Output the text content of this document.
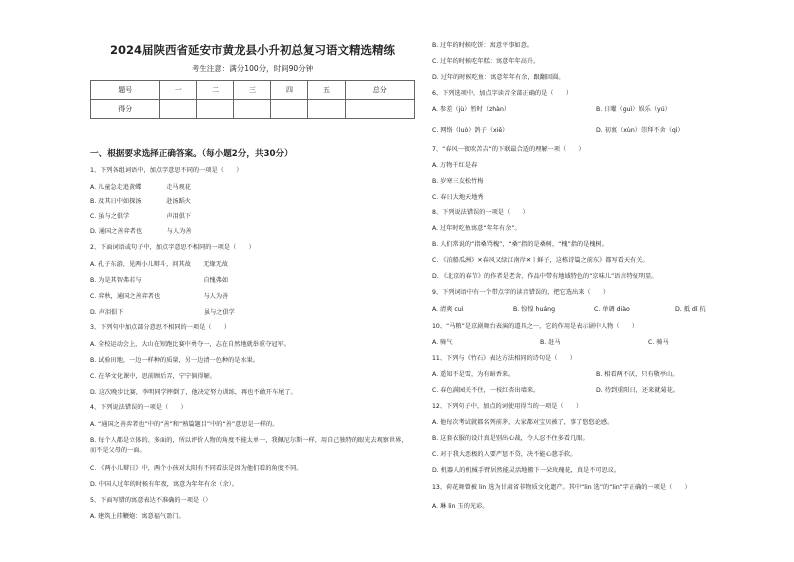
2024届陕西省延安市黄龙县小升初总复习语文精选精练
考生注意：满分100分，时间90分钟
题号	一	二	三	四	五	总分
得分						
一、根据要求选择正确答案。（每小题2分，共30分）
1、下列各组词语中，加点字意思不同的一项是（　　）
A. 儿童急走追黄蝶　　　　走马观花
B. 及其日中如探汤　　　　赴汤蹈火
C. 虽与之俱学　　　　　　声泪俱下
D. 通国之善弈者也　　　　与人为善
2、下面词语或句子中，加点字意思不相同的一项是（　　）
A. 孔子东游，见两小儿辩斗，问其故　　无缘无故
B. 为是其智弗若与　　　　　　　　　　自愧弗如
C. 弈秋，通国之善弈者也　　　　　　　与人为善
D. 声泪俱下　　　　　　　　　　　　　虽与之俱学
3、下列句中加点部分意思不相同的一项是（　　）
A. 全校运动会上，大山在短跑比赛中勇夺一，志在自然地就举重夺冠军。
B. 试验田地，一边一样种的质量，另一边清一色种的是水果。
C. 在华文化课中，思前顾后弄，宁宁倘得解。
D. 这次晚步比赛，李明同学摔倒了，他决定努力训练，再也不敢开车尾了。
4、下列说法错误的一项是（　　）
A. “通国之善弈者也”中的“善”和“熟篇题目”中的“善”意思是一样的。
B. 每个人都是立体的、多面的，所以评价人物的角度不能太单一，我佩尼尔斯一样，用自己独特的眼光去观察世界，
而不是父母的一面。
C. 《两小儿辩日》中，两个小孩对太阳有不同看法是因为他们看的角度不同。
D. 中国人过年的时候有年夜，寓意为年年有余（余）。
5、下面写错的寓意表达不准确的一项是（）
A. 建筑上挂鞭炮：寓意福气盈门。
B. 过年的时候吃饼：寓意平事如意。
C. 过年的时候吃年糕：寓意年年高升。
D. 过年的时候吃鱼：寓意年年有余，跟翻回圆。
6、下列选项中，加点字读音全部正确的是（　　）
A. 参差（jù）暂时（zhàn）	B. 日曜（guì）娱乐（yú）
C. 网络（luò）鸽子（xiē）	D. 初衷（xùn）崇拜不舍（qì）
7、“春风一夜吹苦吉”的下联最合适的理解一项（　　）
A. 万物千红是春
B. 岁寒三友松竹梅
C. 春日大地天地秀
8、下列说法错误的一项是（　　）
A. 过年时吃鱼寓意“年年有余”。
B. 人们常说的“指桑骂槐”，“桑”指的是桑树，“槐”指的是槐树。
C. 《泊船瓜洲》✕春风又绿江南岸✕丨鲜子，这栋诗篇之前东》都写看天有关。
D. 《北京的春节》的作者是老舍，作品中带有地域特色的“京味儿”语言特征明显。
9、下列词语中有一个带点字的读音错误的，把它选出来（　　）
A. 清爽 cuì	B. 惊惶 huáng	C. 单调 diào	D. 抵 dǐ 抗
10、“马粮”是京剧舞台表演的道具之一，它的作用是表示剧中人物（　　）
A. 骑气	B. 赶马	C. 骑马
11、下列与《竹石》表达方法相同的诗句是（　　）
A. 遥知不是雪，为有暗香来。	B. 相看两不厌，只有敬亭山。
C. 春色满园关不住，一枝红杏出墙来。	D. 待到重阳日，还来就菊花。
12、下列句子中，加点的词使用得当的一项是（　　）
A. 他每次考试就都名列前茅，大家都对宝贝被了，事了悠悠论感。
B. 这套衣服的设计真是别出心裁，令人忍不住多看几眼。
C. 对于我大恶极的人要严惩不贷，决不能心慈手软。
D. 机器人的机械手臂居然能灵活地搬下一朵玫瑰花，真是不可思议。
13、荷花舞曾被 lin 选为甘肃省非物质文化遗产。其中“lin 选”的“lin”字正确的一项是（　　）
A. 琳 lin 玉的光彩。
